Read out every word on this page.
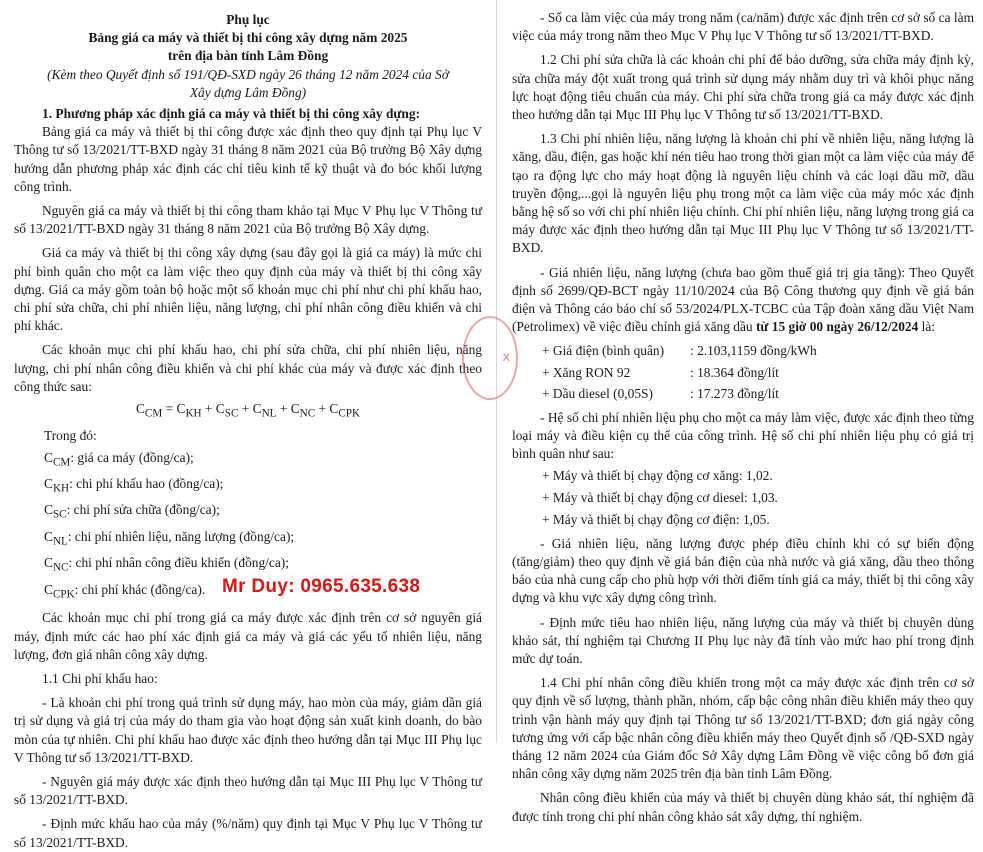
Phụ lục

Bảng giá ca máy và thiết bị thi công xây dựng năm 2025

trên địa bàn tỉnh Lâm Đồng

(Kèm theo Quyết định số 191/QĐ-SXD ngày 26 tháng 12 năm 2024 của Sở

Xây dựng Lâm Đồng)

1. Phương pháp xác định giá ca máy và thiết bị thi công xây dựng:

Bảng giá ca máy và thiết bị thi công được xác định theo quy định tại Phụ lục V Thông tư số 13/2021/TT-BXD ngày 31 tháng 8 năm 2021 của Bộ trưởng Bộ Xây dựng hướng dẫn phương pháp xác định các chỉ tiêu kinh tế kỹ thuật và đo bóc khối lượng công trình.

Nguyên giá ca máy và thiết bị thi công tham khảo tại Mục V Phụ lục V Thông tư số 13/2021/TT-BXD ngày 31 tháng 8 năm 2021 của Bộ trưởng Bộ Xây dựng.

Giá ca máy và thiết bị thi công xây dựng (sau đây gọi là giá ca máy) là mức chi phí bình quân cho một ca làm việc theo quy định của máy và thiết bị thi công xây dựng. Giá ca máy gồm toàn bộ hoặc một số khoản mục chi phí như chi phí khấu hao, chi phí sửa chữa, chi phí nhiên liệu, năng lượng, chi phí nhân công điều khiển và chi phí khác.

Các khoản mục chi phí khấu hao, chi phí sửa chữa, chi phí nhiên liệu, năng lượng, chi phí nhân công điều khiển và chi phí khác của máy và được xác định theo công thức sau:

$C_{CM} = C_{KH} + C_{SC} + C_{NL} + C_{NC} + C_{CPK}$

Trong đó:

$C_{CM}$: giá ca máy (đồng/ca);

$C_{KH}$: chi phí khấu hao (đồng/ca);

$C_{SC}$: chi phí sửa chữa (đồng/ca);

$C_{NL}$: chi phí nhiên liệu, năng lượng (đồng/ca);

$C_{NC}$: chi phí nhân công điều khiển (đồng/ca);

$C_{CPK}$: chi phí khác (đồng/ca).

Các khoản mục chi phí trong giá ca máy được xác định trên cơ sở nguyên giá máy, định mức các hao phí xác định giá ca máy và giá các yếu tố nhiên liệu, năng lượng, đơn giá nhân công xây dựng.

1.1 Chi phí khấu hao:

- Là khoản chi phí trong quá trình sử dụng máy, hao mòn của máy, giảm dần giá trị sử dụng và giá trị của máy do tham gia vào hoạt động sản xuất kinh doanh, do bào mòn của tự nhiên. Chi phí khấu hao được xác định theo hướng dẫn tại Mục III Phụ lục V Thông tư số 13/2021/TT-BXD.

- Nguyên giá máy được xác định theo hướng dẫn tại Mục III Phụ lục V Thông tư số 13/2021/TT-BXD.

- Định mức khấu hao của máy (%/năm) quy định tại Mục V Phụ lục V Thông tư số 13/2021/TT-BXD.

- Số ca làm việc của máy trong năm (ca/năm) được xác định trên cơ sở số ca làm việc của máy trong năm theo Mục V Phụ lục V Thông tư số 13/2021/TT-BXD.

1.2 Chi phí sửa chữa là các khoản chi phí để bảo dưỡng, sửa chữa máy định kỳ, sửa chữa máy đột xuất trong quá trình sử dụng máy nhằm duy trì và khôi phục năng lực hoạt động tiêu chuẩn của máy. Chi phí sửa chữa trong giá ca máy được xác định theo hướng dẫn tại Mục III Phụ lục V Thông tư số 13/2021/TT-BXD.

1.3 Chi phí nhiên liệu, năng lượng là khoản chi phí về nhiên liệu, năng lượng là xăng, dầu, điện, gas hoặc khí nén tiêu hao trong thời gian một ca làm việc của máy để tạo ra động lực cho máy hoạt động là nguyên liệu chính và các loại dầu mỡ, dầu truyền động,...gọi là nguyên liệu phụ trong một ca làm việc của máy móc xác định bằng hệ số so với chi phí nhiên liệu chính. Chi phí nhiên liệu, năng lượng trong giá ca máy được xác định theo hướng dẫn tại Mục III Phụ lục V Thông tư số 13/2021/TT-BXD.

- Giá nhiên liệu, năng lượng (chưa bao gồm thuế giá trị gia tăng): Theo Quyết định số 2699/QĐ-BCT ngày 11/10/2024 của Bộ Công thương quy định về giá bán điện và Thông cáo báo chí số 53/2024/PLX-TCBC của Tập đoàn xăng dầu Việt Nam (Petrolimex) về việc điều chỉnh giá xăng dầu từ 15 giờ 00 ngày 26/12/2024 là:

+ Giá điện (bình quân)	: 2.103,1159 đồng/kWh
+ Xăng RON 92	: 18.364 đồng/lít
+ Dầu diesel (0,05S)	: 17.273 đồng/lít

- Hệ số chi phí nhiên liệu phụ cho một ca máy làm việc, được xác định theo từng loại máy và điều kiện cụ thể của công trình. Hệ số chi phí nhiên liệu phụ có giá trị bình quân như sau:

+ Máy và thiết bị chạy động cơ xăng: 1,02.

+ Máy và thiết bị chạy động cơ diesel: 1,03.

+ Máy và thiết bị chạy động cơ điện: 1,05.

- Giá nhiên liệu, năng lượng được phép điều chỉnh khi có sự biến động (tăng/giảm) theo quy định về giá bán điện của nhà nước và giá xăng, dầu theo thông báo của nhà cung cấp cho phù hợp với thời điểm tính giá ca máy, thiết bị thi công xây dựng và khu vực xây dựng công trình.

- Định mức tiêu hao nhiên liệu, năng lượng của máy và thiết bị chuyên dùng khảo sát, thí nghiệm tại Chương II Phụ lục này đã tính vào mức hao phí trong định mức dự toán.

1.4 Chi phí nhân công điều khiển trong một ca máy được xác định trên cơ sở quy định về số lượng, thành phần, nhóm, cấp bậc công nhân điều khiển máy theo quy trình vận hành máy quy định tại Thông tư số 13/2021/TT-BXD; đơn giá ngày công tương ứng với cấp bậc nhân công điều khiển máy theo Quyết định số /QĐ-SXD ngày tháng 12 năm 2024 của Giám đốc Sở Xây dựng Lâm Đồng về việc công bố đơn giá nhân công xây dựng năm 2025 trên địa bàn tỉnh Lâm Đồng.

Nhân công điều khiển của máy và thiết bị chuyên dùng khảo sát, thí nghiệm đã được tính trong chi phí nhân công khảo sát xây dựng, thí nghiệm.

X
Mr Duy: 0965.635.638
